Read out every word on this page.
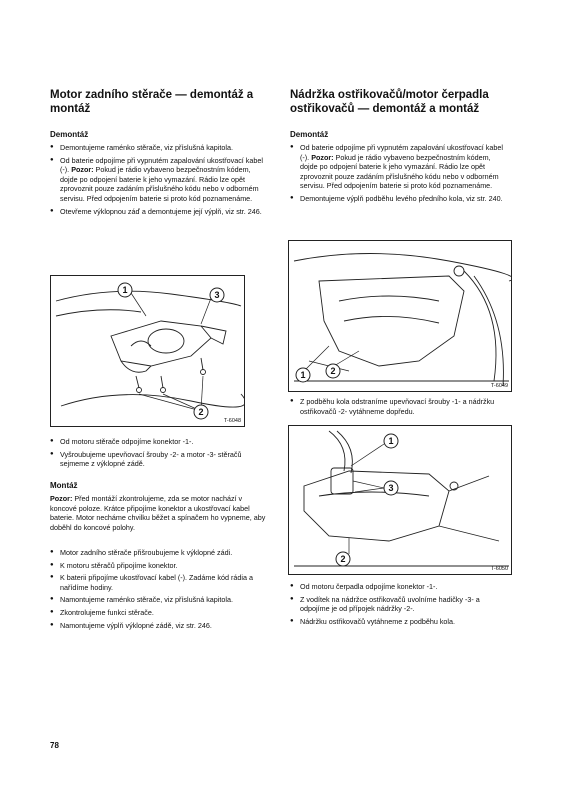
Motor zadního stěrače — demontáž a montáž
Demontáž
● Demontujeme raménko stěrače, viz příslušná kapitola.
● Od baterie odpojíme při vypnutém zapalování ukostřovací kabel (-). Pozor: Pokud je rádio vybaveno bezpečnostním kódem, dojde po odpojení baterie k jeho vymazání. Rádio lze opět zprovoznit pouze zadáním příslušného kódu nebo v odborném servisu. Před odpojením baterie si proto kód poznamenáme.
● Otevřeme výklopnou záď a demontujeme její výplň, viz str. 246.
1	3
2
T-6048
● Od motoru stěrače odpojíme konektor -1-.
● Vyšroubujeme upevňovací šrouby -2- a motor -3- stěračů sejmeme z výklopné zádě.
Montáž

Pozor: Před montáží zkontrolujeme, zda se motor nachází v koncové poloze. Krátce připojíme konektor a ukostřovací kabel baterie. Motor necháme chvilku běžet a spínačem ho vypneme, aby doběhl do koncové polohy.

● Motor zadního stěrače přišroubujeme k výklopné zádi.
● K motoru stěračů připojíme konektor.
● K baterii připojíme ukostřovací kabel (-). Zadáme kód rádia a nařídíme hodiny.
● Namontujeme raménko stěrače, viz příslušná kapitola.
● Zkontrolujeme funkci stěrače.
● Namontujeme výplň výklopné zádě, viz str. 246.
Nádržka ostřikovačů/motor čerpadla ostřikovačů — demontáž a montáž
Demontáž
● Od baterie odpojíme při vypnutém zapalování ukostřovací kabel (-). Pozor: Pokud je rádio vybaveno bezpečnostním kódem, dojde po odpojení baterie k jeho vymazání. Rádio lze opět zprovoznit pouze zadáním příslušného kódu nebo v odborném servisu. Před odpojením baterie si proto kód poznamenáme.
● Demontujeme výplň podběhu levého předního kola, viz str. 240.
1	2
T-6049
● Z podběhu kola odstraníme upevňovací šrouby -1- a nádržku ostřikovačů -2- vytáhneme dopředu.
1
3
2
T-6050
● Od motoru čerpadla odpojíme konektor -1-.
● Z vodítek na nádržce ostřikovačů uvolníme hadičky -3- a odpojíme je od přípojek nádržky -2-.
● Nádržku ostřikovačů vytáhneme z podběhu kola.
78
